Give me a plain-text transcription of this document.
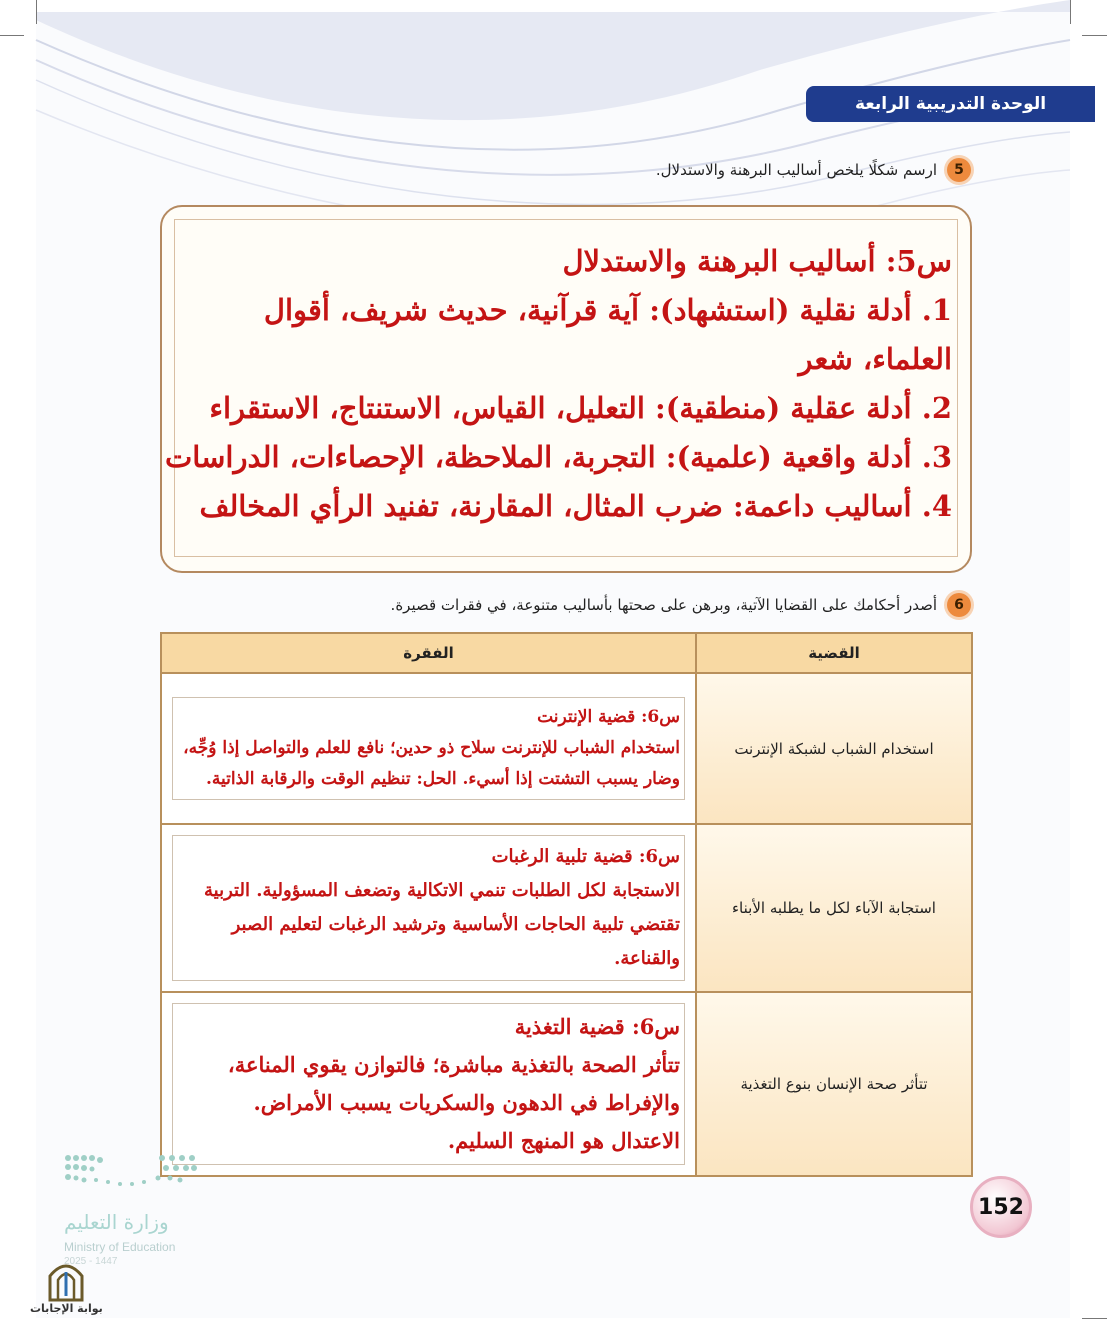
الوحدة التدريبية الرابعة
5
ارسم شكلًا يلخص أساليب البرهنة والاستدلال.
س5: أساليب البرهنة والاستدلال
1. أدلة نقلية (استشهاد): آية قرآنية، حديث شريف، أقوال
العلماء، شعر
2. أدلة عقلية (منطقية): التعليل، القياس، الاستنتاج، الاستقراء
3. أدلة واقعية (علمية): التجربة، الملاحظة، الإحصاءات، الدراسات
4. أساليب داعمة: ضرب المثال، المقارنة، تفنيد الرأي المخالف
6
أصدر أحكامك على القضايا الآتية، وبرهن على صحتها بأساليب متنوعة، في فقرات قصيرة.
القضية	الفقرة
استخدام الشباب لشبكة الإنترنت	س6: قضية الإنترنت
استخدام الشباب للإنترنت سلاح ذو حدين؛ نافع للعلم والتواصل إذا وُجِّه، وضار يسبب التشتت إذا أسيء. الحل: تنظيم الوقت والرقابة الذاتية.

استجابة الآباء لكل ما يطلبه الأبناء	س6: قضية تلبية الرغبات
الاستجابة لكل الطلبات تنمي الاتكالية وتضعف المسؤولية. التربية تقتضي تلبية الحاجات الأساسية وترشيد الرغبات لتعليم الصبر والقناعة.

تتأثر صحة الإنسان بنوع التغذية	س6: قضية التغذية
تتأثر الصحة بالتغذية مباشرة؛ فالتوازن يقوي المناعة، والإفراط في الدهون والسكريات يسبب الأمراض. الاعتدال هو المنهج السليم.
وزارة التعليم
Ministry of Education
2025 - 1447
بوابة الإجابات
152
